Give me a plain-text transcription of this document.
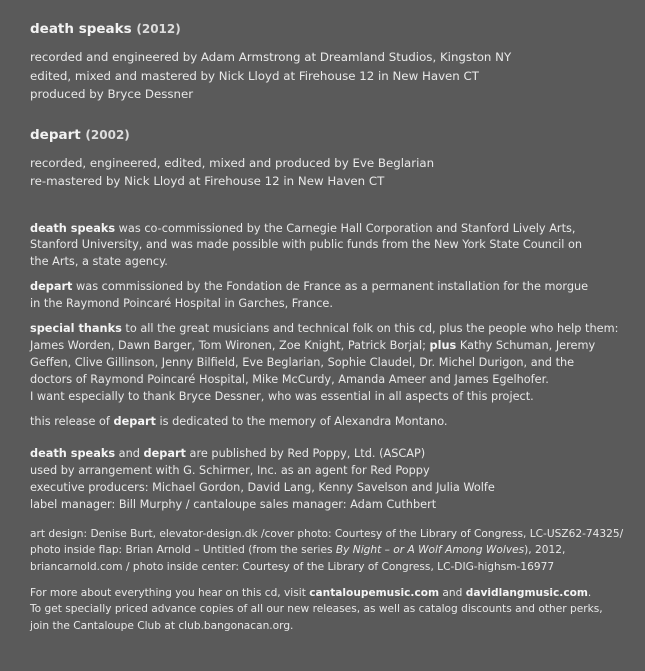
death speaks (2012)
recorded and engineered by Adam Armstrong at Dreamland Studios, Kingston NY
edited, mixed and mastered by Nick Lloyd at Firehouse 12 in New Haven CT
produced by Bryce Dessner
depart (2002)
recorded, engineered, edited, mixed and produced by Eve Beglarian
re-mastered by Nick Lloyd at Firehouse 12 in New Haven CT
death speaks was co-commissioned by the Carnegie Hall Corporation and Stanford Lively Arts,
Stanford University, and was made possible with public funds from the New York State Council on
the Arts, a state agency.
depart was commissioned by the Fondation de France as a permanent installation for the morgue
in the Raymond Poincaré Hospital in Garches, France.
special thanks to all the great musicians and technical folk on this cd, plus the people who help them:
James Worden, Dawn Barger, Tom Wironen, Zoe Knight, Patrick Borjal; plus Kathy Schuman, Jeremy
Geffen, Clive Gillinson, Jenny Bilfield, Eve Beglarian, Sophie Claudel, Dr. Michel Durigon, and the
doctors of Raymond Poincaré Hospital, Mike McCurdy, Amanda Ameer and James Egelhofer.
I want especially to thank Bryce Dessner, who was essential in all aspects of this project.
this release of depart is dedicated to the memory of Alexandra Montano.
death speaks and depart are published by Red Poppy, Ltd. (ASCAP)
used by arrangement with G. Schirmer, Inc. as an agent for Red Poppy
executive producers: Michael Gordon, David Lang, Kenny Savelson and Julia Wolfe
label manager: Bill Murphy / cantaloupe sales manager: Adam Cuthbert
art design: Denise Burt, elevator-design.dk /cover photo: Courtesy of the Library of Congress, LC-USZ62-74325/
photo inside flap: Brian Arnold – Untitled (from the series By Night – or A Wolf Among Wolves), 2012,
briancarnold.com / photo inside center: Courtesy of the Library of Congress, LC-DIG-highsm-16977
For more about everything you hear on this cd, visit cantaloupemusic.com and davidlangmusic.com.
To get specially priced advance copies of all our new releases, as well as catalog discounts and other perks,
join the Cantaloupe Club at club.bangonacan.org.
